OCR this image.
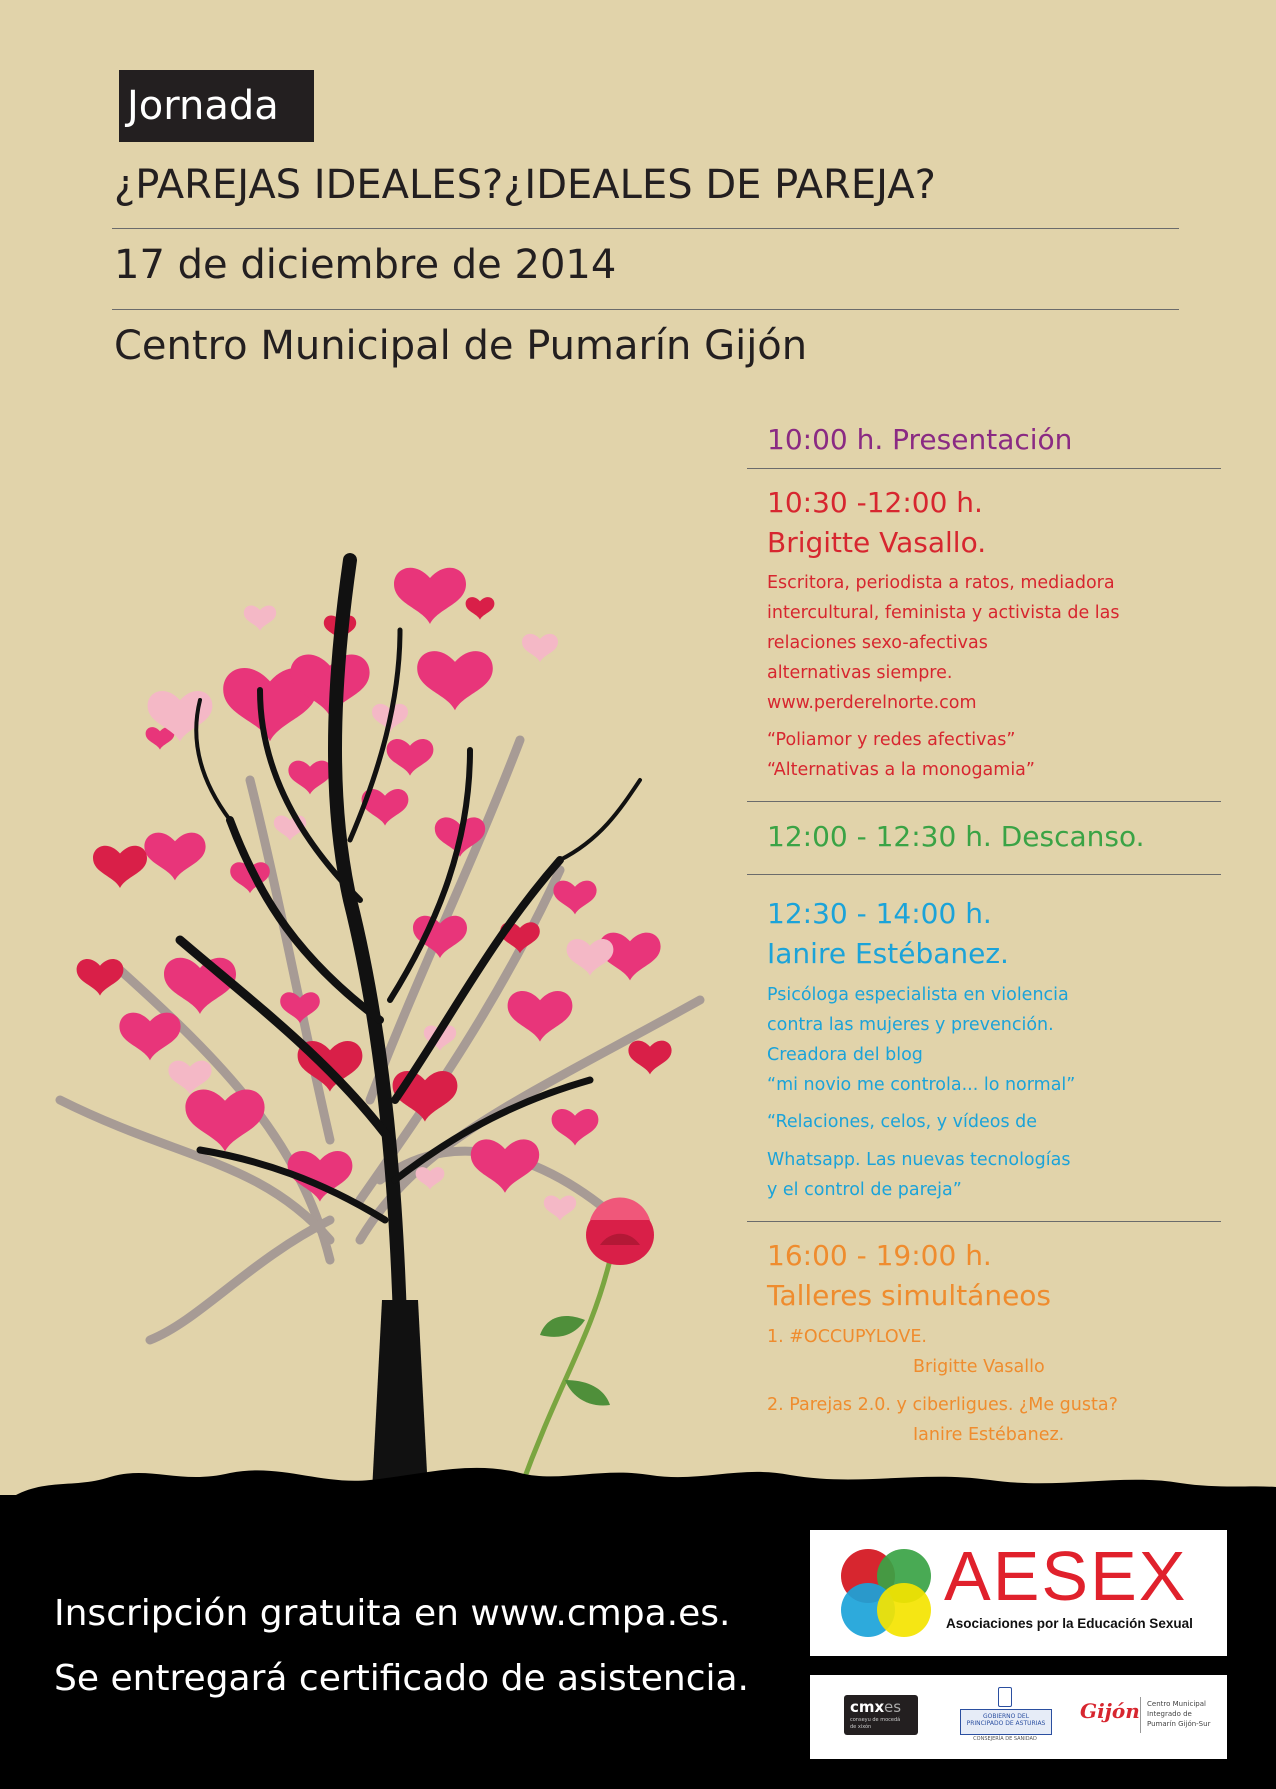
Jornada
¿PAREJAS IDEALES?¿IDEALES DE PAREJA?
17 de diciembre de 2014
Centro Municipal de Pumarín Gijón
10:00 h. Presentación
10:30 -12:00 h.
Brigitte Vasallo.
Escritora, periodista a ratos, mediadora
intercultural, feminista y activista de las
relaciones sexo-afectivas
alternativas siempre.
www.perderelnorte.com
“Poliamor y redes afectivas”
“Alternativas a la monogamia”
12:00 - 12:30 h. Descanso.
12:30 - 14:00 h.
Ianire Estébanez.
Psicóloga especialista en violencia
contra las mujeres y prevención.
Creadora del blog
“mi novio me controla... lo normal”
“Relaciones, celos, y vídeos de
Whatsapp. Las nuevas tecnologías
y el control de pareja”
16:00 - 19:00 h.
Talleres simultáneos
1. #OCCUPYLOVE.
Brigitte Vasallo
2. Parejas 2.0. y ciberligues. ¿Me gusta?
Ianire Estébanez.
Inscripción gratuita en www.cmpa.es.
Se entregará certificado de asistencia.
AESEX
Asociaciones por la Educación Sexual
cmx es
conseyu de mocedá
de xixón
GOBIERNO DEL
PRINCIPADO DE ASTURIAS
CONSEJERÍA DE SANIDAD
Gijón Centro Municipal
Integrado de
Pumarín Gijón-Sur
